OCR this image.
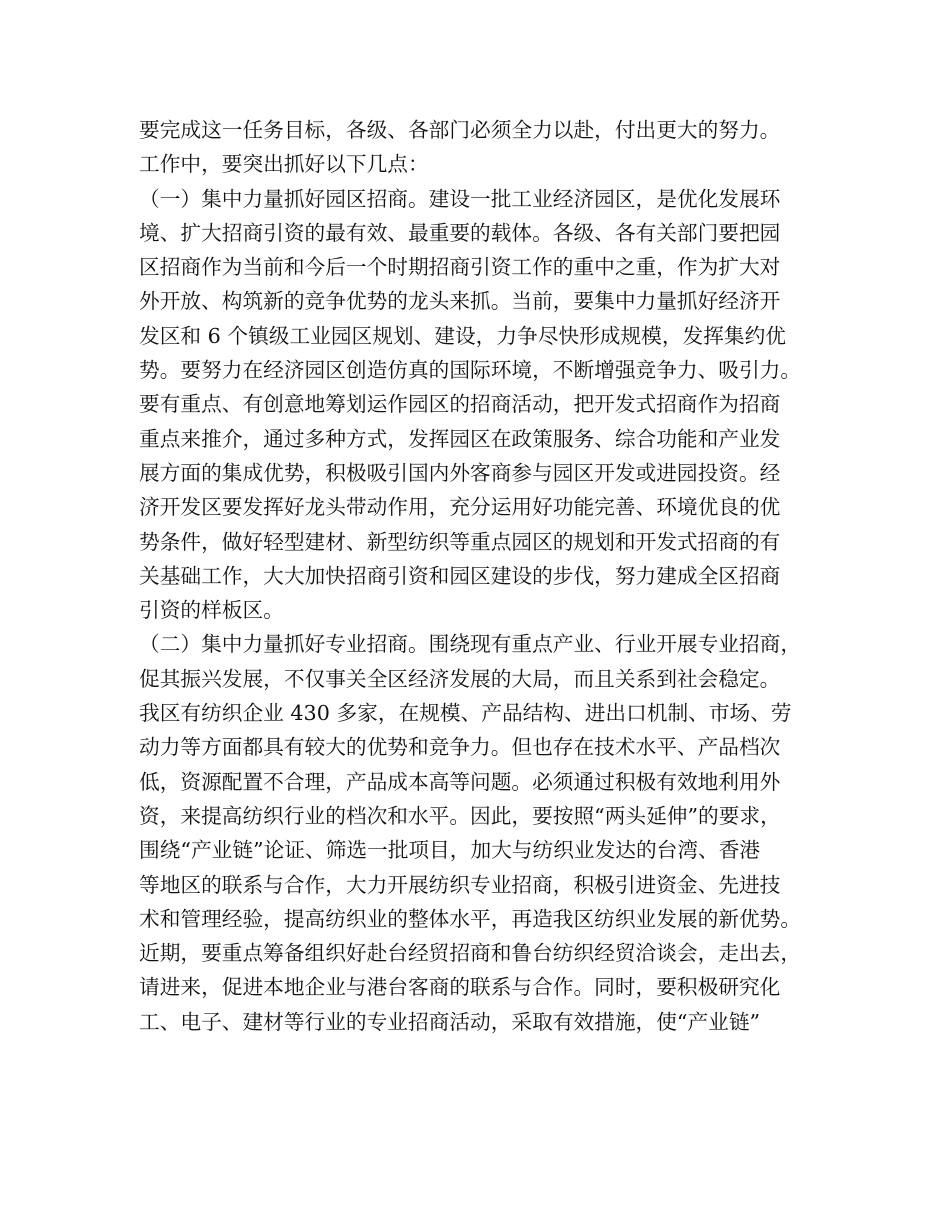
要完成这一任务目标，各级、各部门必须全力以赴，付出更大的努力。
工作中，要突出抓好以下几点：
（一）集中力量抓好园区招商。建设一批工业经济园区，是优化发展环
境、扩大招商引资的最有效、最重要的载体。各级、各有关部门要把园
区招商作为当前和今后一个时期招商引资工作的重中之重，作为扩大对
外开放、构筑新的竞争优势的龙头来抓。当前，要集中力量抓好经济开
发区和 6 个镇级工业园区规划、建设，力争尽快形成规模，发挥集约优
势。要努力在经济园区创造仿真的国际环境，不断增强竞争力、吸引力。
要有重点、有创意地筹划运作园区的招商活动，把开发式招商作为招商
重点来推介，通过多种方式，发挥园区在政策服务、综合功能和产业发
展方面的集成优势，积极吸引国内外客商参与园区开发或进园投资。经
济开发区要发挥好龙头带动作用，充分运用好功能完善、环境优良的优
势条件，做好轻型建材、新型纺织等重点园区的规划和开发式招商的有
关基础工作，大大加快招商引资和园区建设的步伐，努力建成全区招商
引资的样板区。
（二）集中力量抓好专业招商。围绕现有重点产业、行业开展专业招商，
促其振兴发展，不仅事关全区经济发展的大局，而且关系到社会稳定。
我区有纺织企业 430 多家，在规模、产品结构、进出口机制、市场、劳
动力等方面都具有较大的优势和竞争力。但也存在技术水平、产品档次
低，资源配置不合理，产品成本高等问题。必须通过积极有效地利用外
资，来提高纺织行业的档次和水平。因此，要按照“两头延伸”的要求，
围绕“产业链”论证、筛选一批项目，加大与纺织业发达的台湾、香港
等地区的联系与合作，大力开展纺织专业招商，积极引进资金、先进技
术和管理经验，提高纺织业的整体水平，再造我区纺织业发展的新优势。
近期，要重点筹备组织好赴台经贸招商和鲁台纺织经贸洽谈会，走出去，
请进来，促进本地企业与港台客商的联系与合作。同时，要积极研究化
工、电子、建材等行业的专业招商活动，采取有效措施，使“产业链”
